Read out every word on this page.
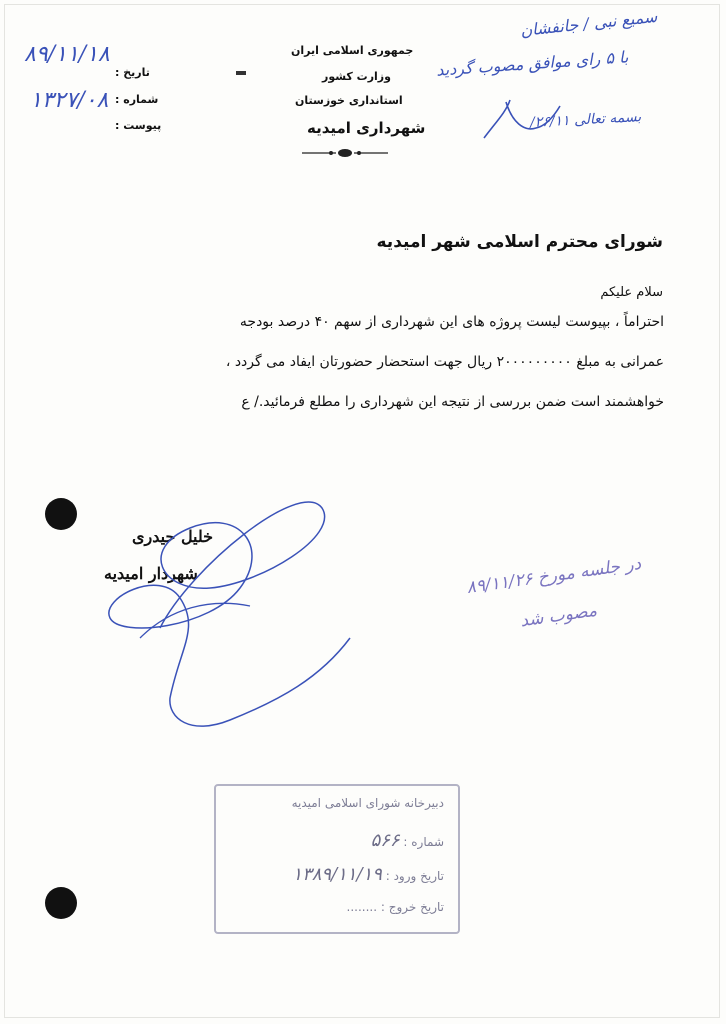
جمهوری اسلامی ایران
وزارت کشور
استانداری خوزستان
شهرداری امیدیه
تاریخ :
شماره :
پیوست :
۸۹/۱۱/۱۸
۱۳۲۷/۰۸
سمیع نبی / جانفشان
با ۵ رای موافق مصوب گردید
بسمه تعالی ۲۶/۱۱/
شورای محترم اسلامی شهر امیدیه
سلام علیکم
احتراماً ، بپیوست لیست پروژه های این شهرداری از سهم ۴۰ درصد بودجه
عمرانی به مبلغ ۲۰۰۰۰۰۰۰۰۰ ریال جهت استحضار حضورتان ایفاد می گردد ،
خواهشمند است ضمن بررسی از نتیجه این شهرداری را مطلع فرمائید./ ع
خلیل حیدری
شهردار امیدیه	در جلسه مورخ ۸۹/۱۱/۲۶
مصوب شد
دبیرخانه شورای اسلامی امیدیه
شماره : ۵۶۶
تاریخ ورود : ۱۳۸۹/۱۱/۱۹
تاریخ خروج : ........
